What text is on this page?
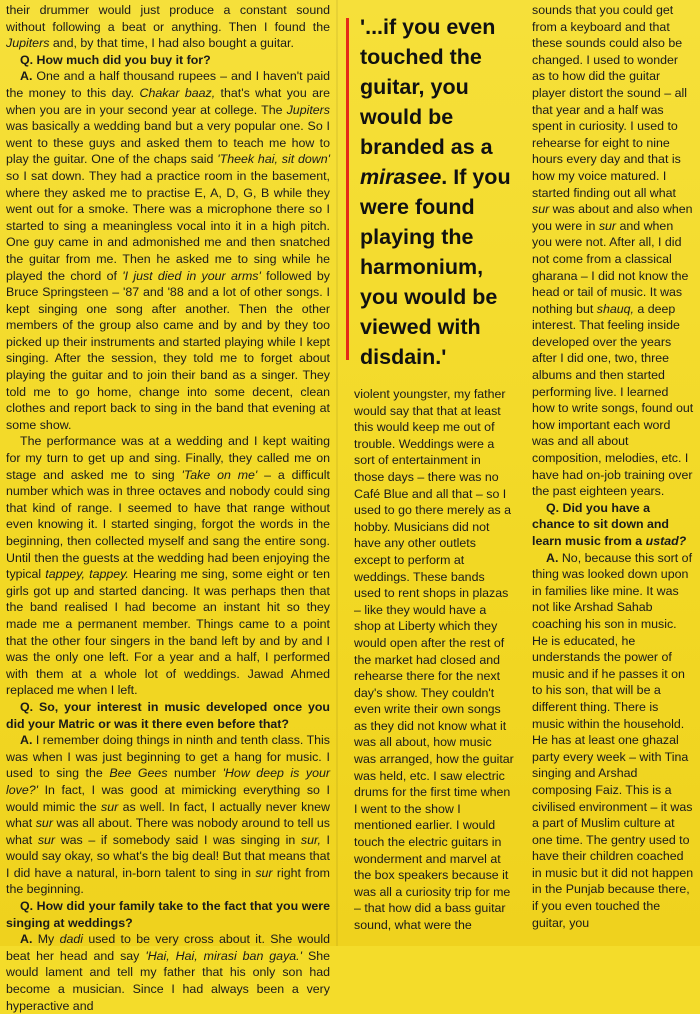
their drummer would just produce a constant sound without following a beat or anything. Then I found the Jupiters and, by that time, I had also bought a guitar.

Q. How much did you buy it for?

A. One and a half thousand rupees – and I haven't paid the money to this day. Chakar baaz, that's what you are when you are in your second year at college. The Jupiters was basically a wedding band but a very popular one. So I went to these guys and asked them to teach me how to play the guitar. One of the chaps said 'Theek hai, sit down' so I sat down. They had a practice room in the basement, where they asked me to practise E, A, D, G, B while they went out for a smoke. There was a microphone there so I started to sing a meaningless vocal into it in a high pitch. One guy came in and admonished me and then snatched the guitar from me. Then he asked me to sing while he played the chord of 'I just died in your arms' followed by Bruce Springsteen – '87 and '88 and a lot of other songs. I kept singing one song after another. Then the other members of the group also came and by and by they too picked up their instruments and started playing while I kept singing. After the session, they told me to forget about playing the guitar and to join their band as a singer. They told me to go home, change into some decent, clean clothes and report back to sing in the band that evening at some show.

The performance was at a wedding and I kept waiting for my turn to get up and sing. Finally, they called me on stage and asked me to sing 'Take on me' – a difficult number which was in three octaves and nobody could sing that kind of range. I seemed to have that range without even knowing it. I started singing, forgot the words in the beginning, then collected myself and sang the entire song. Until then the guests at the wedding had been enjoying the typical tappey, tappey. Hearing me sing, some eight or ten girls got up and started dancing. It was perhaps then that the band realised I had become an instant hit so they made me a permanent member. Things came to a point that the other four singers in the band left by and by and I was the only one left. For a year and a half, I performed with them at a whole lot of weddings. Jawad Ahmed replaced me when I left.

Q. So, your interest in music developed once you did your Matric or was it there even before that?

A. I remember doing things in ninth and tenth class. This was when I was just beginning to get a hang for music. I used to sing the Bee Gees number 'How deep is your love?' In fact, I was good at mimicking everything so I would mimic the sur as well. In fact, I actually never knew what sur was all about. There was nobody around to tell us what sur was – if somebody said I was singing in sur, I would say okay, so what's the big deal! But that means that I did have a natural, in-born talent to sing in sur right from the beginning.

Q. How did your family take to the fact that you were singing at weddings?

A. My dadi used to be very cross about it. She would beat her head and say 'Hai, Hai, mirasi ban gaya.' She would lament and tell my father that his only son had become a musician. Since I had always been a very hyperactive and

'...if you even touched the guitar, you would be branded as a mirasee. If you were found playing the harmonium, you would be viewed with disdain.'

violent youngster, my father would say that that at least this would keep me out of trouble. Weddings were a sort of entertainment in those days – there was no Café Blue and all that – so I used to go there merely as a hobby. Musicians did not have any other outlets except to perform at weddings. These bands used to rent shops in plazas – like they would have a shop at Liberty which they would open after the rest of the market had closed and rehearse there for the next day's show. They couldn't even write their own songs as they did not know what it was all about, how music was arranged, how the guitar was held, etc. I saw electric drums for the first time when I went to the show I mentioned earlier. I would touch the electric guitars in wonderment and marvel at the box speakers because it was all a curiosity trip for me – that how did a bass guitar sound, what were the

sounds that you could get from a keyboard and that these sounds could also be changed. I used to wonder as to how did the guitar player distort the sound – all that year and a half was spent in curiosity. I used to rehearse for eight to nine hours every day and that is how my voice matured. I started finding out all what sur was about and also when you were in sur and when you were not. After all, I did not come from a classical gharana – I did not know the head or tail of music. It was nothing but shauq, a deep interest. That feeling inside developed over the years after I did one, two, three albums and then started performing live. I learned how to write songs, found out how important each word was and all about composition, melodies, etc. I have had on-job training over the past eighteen years.

Q. Did you have a chance to sit down and learn music from a ustad?

A. No, because this sort of thing was looked down upon in families like mine. It was not like Arshad Sahab coaching his son in music. He is educated, he understands the power of music and if he passes it on to his son, that will be a different thing. There is music within the household. He has at least one ghazal party every week – with Tina singing and Arshad composing Faiz. This is a civilised environment – it was a part of Muslim culture at one time. The gentry used to have their children coached in music but it did not happen in the Punjab because there, if you even touched the guitar, you
